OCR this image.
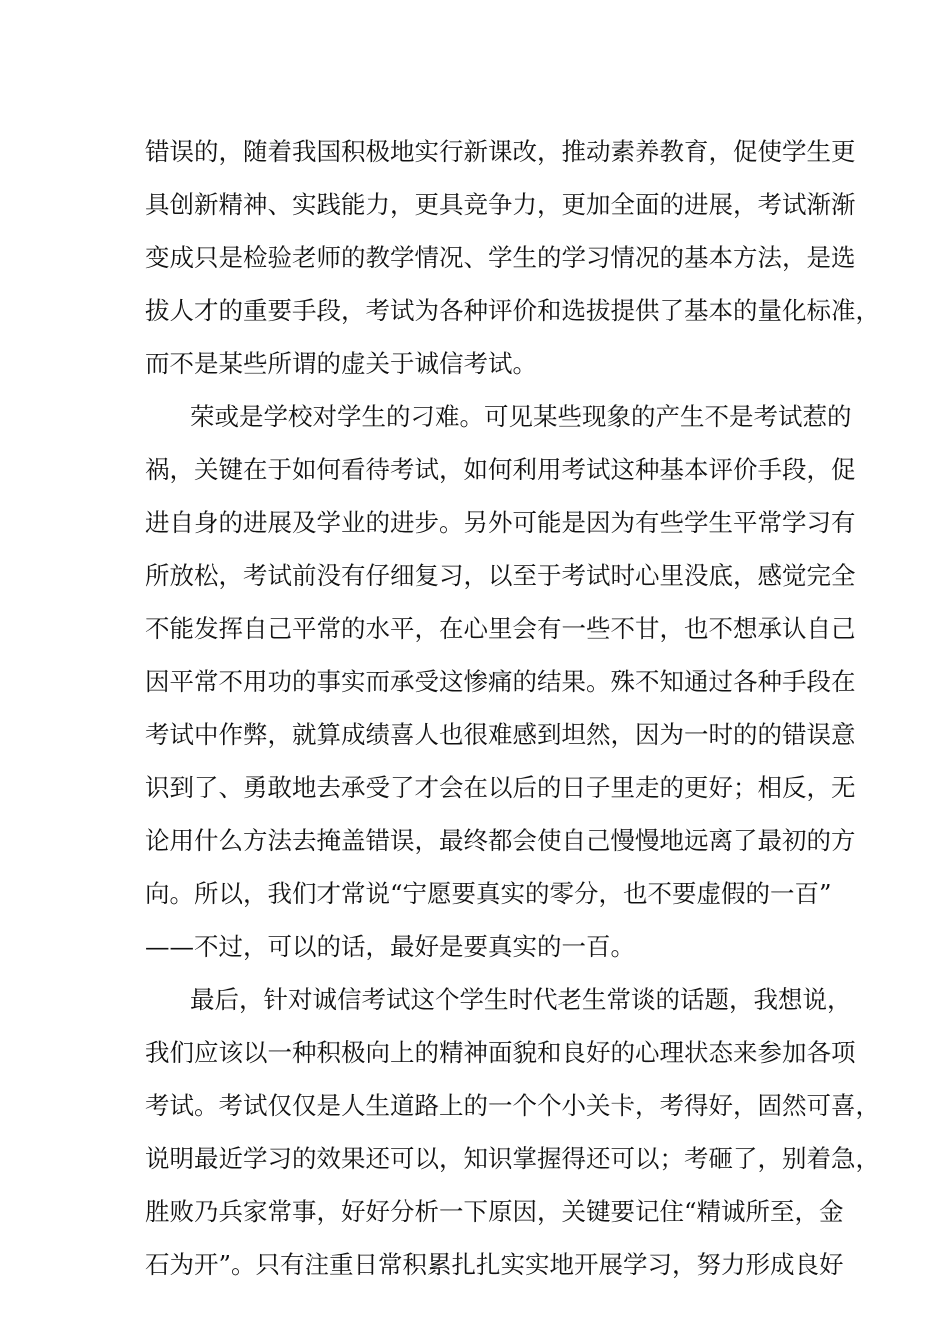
错误的，随着我国积极地实行新课改，推动素养教育，促使学生更
具创新精神、实践能力，更具竞争力，更加全面的进展，考试渐渐
变成只是检验老师的教学情况、学生的学习情况的基本方法，是选
拔人才的重要手段，考试为各种评价和选拔提供了基本的量化标准，
而不是某些所谓的虚关于诚信考试。
荣或是学校对学生的刁难。可见某些现象的产生不是考试惹的
祸，关键在于如何看待考试，如何利用考试这种基本评价手段，促
进自身的进展及学业的进步。另外可能是因为有些学生平常学习有
所放松，考试前没有仔细复习，以至于考试时心里没底，感觉完全
不能发挥自己平常的水平，在心里会有一些不甘，也不想承认自己
因平常不用功的事实而承受这惨痛的结果。殊不知通过各种手段在
考试中作弊，就算成绩喜人也很难感到坦然，因为一时的的错误意
识到了、勇敢地去承受了才会在以后的日子里走的更好；相反，无
论用什么方法去掩盖错误，最终都会使自己慢慢地远离了最初的方
向。所以，我们才常说“宁愿要真实的零分，也不要虚假的一百”
——不过，可以的话，最好是要真实的一百。
最后，针对诚信考试这个学生时代老生常谈的话题，我想说，
我们应该以一种积极向上的精神面貌和良好的心理状态来参加各项
考试。考试仅仅是人生道路上的一个个小关卡，考得好，固然可喜，
说明最近学习的效果还可以，知识掌握得还可以；考砸了，别着急，
胜败乃兵家常事，好好分析一下原因，关键要记住“精诚所至，金
石为开”。只有注重日常积累扎扎实实地开展学习，努力形成良好
